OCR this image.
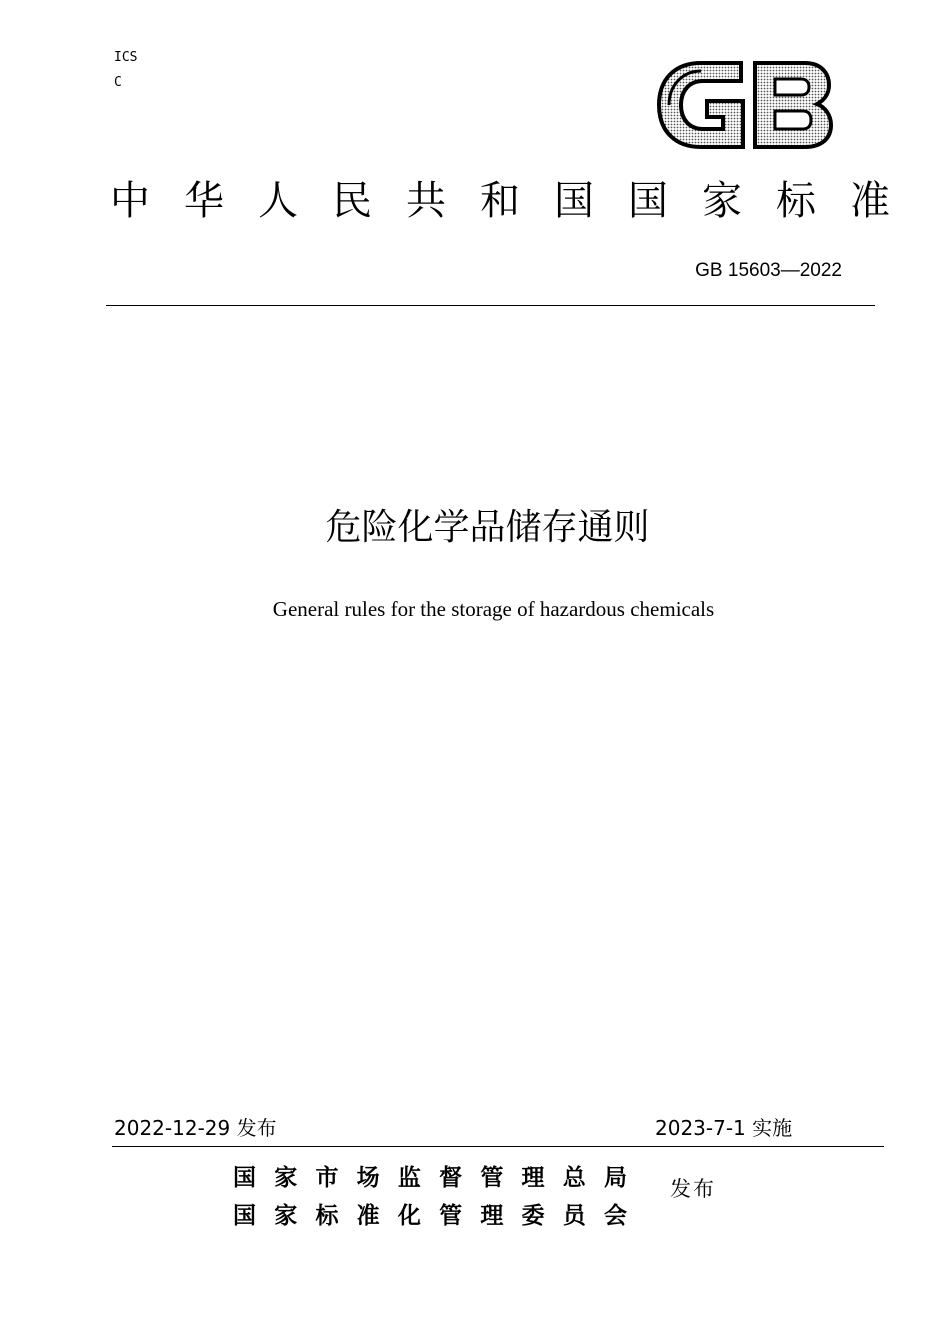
ICS
C
中 华 人 民 共 和 国 国 家 标 准
GB 15603—2022
危险化学品储存通则
General rules for the storage of hazardous chemicals
2022-12-29 发布	2023-7-1 实施
国 家 市 场 监 督 管 理 总 局
国 家 标 准 化 管 理 委 员 会
发布
